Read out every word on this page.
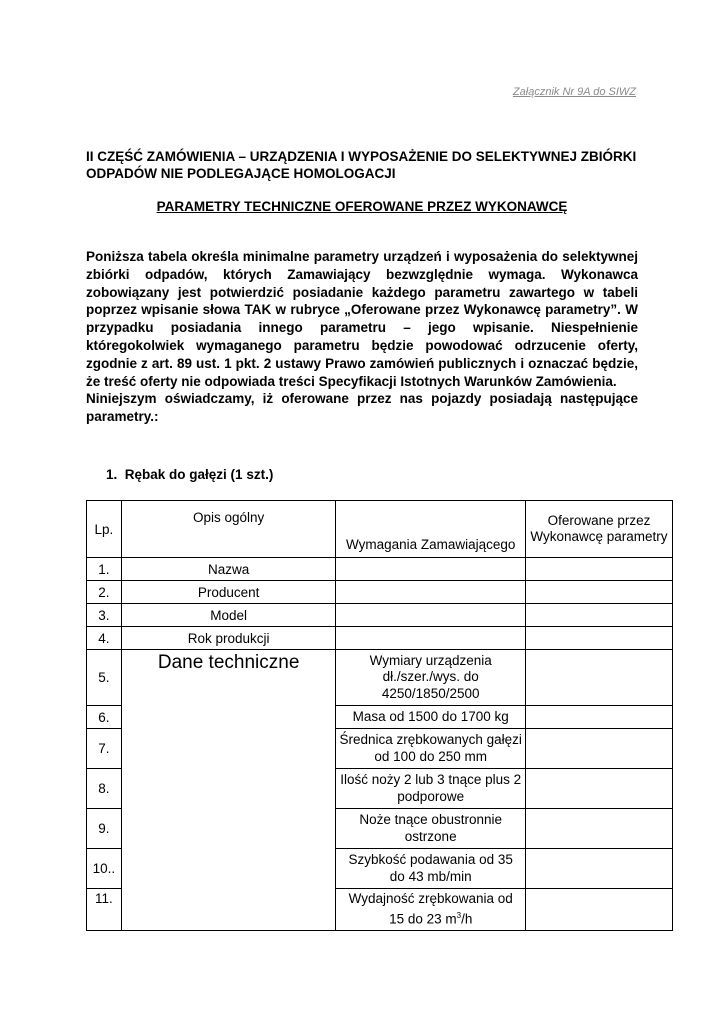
Załącznik Nr 9A do SIWZ
II CZĘŚĆ ZAMÓWIENIA – URZĄDZENIA I WYPOSAŻENIE DO SELEKTYWNEJ ZBIÓRKI ODPADÓW NIE PODLEGAJĄCE HOMOLOGACJI
PARAMETRY TECHNICZNE OFEROWANE PRZEZ WYKONAWCĘ

Poniższa tabela określa minimalne parametry urządzeń i wyposażenia do selektywnej zbiórki odpadów, których Zamawiający bezwzględnie wymaga. Wykonawca zobowiązany jest potwierdzić posiadanie każdego parametru zawartego w tabeli poprzez wpisanie słowa TAK w rubryce „Oferowane przez Wykonawcę parametry”. W przypadku posiadania innego parametru – jego wpisanie. Niespełnienie któregokolwiek wymaganego parametru będzie powodować odrzucenie oferty, zgodnie z art. 89 ust. 1 pkt. 2 ustawy Prawo zamówień publicznych i oznaczać będzie, że treść oferty nie odpowiada treści Specyfikacji Istotnych Warunków Zamówienia.

Niniejszym oświadczamy, iż oferowane przez nas pojazdy posiadają następujące parametry.:

1. Rębak do gałęzi (1 szt.)
Lp.	Opis ogólny	Wymagania Zamawiającego	Oferowane przez Wykonawcę parametry
1.	Nazwa		
2.	Producent		
3.	Model		
4.	Rok produkcji		
5.	Dane techniczne	Wymiary urządzenia dł./szer./wys. do 4250/1850/2500	
6.		Masa od 1500 do 1700 kg	
7.		Średnica zrębkowanych gałęzi od 100 do 250 mm	
8.		Ilość noży 2 lub 3 tnące plus 2 podporowe	
9.		Noże tnące obustronnie ostrzone	
10..		Szybkość podawania od 35 do 43 mb/min	
11.		Wydajność zrębkowania od 15 do 23 $m^3/h$	
